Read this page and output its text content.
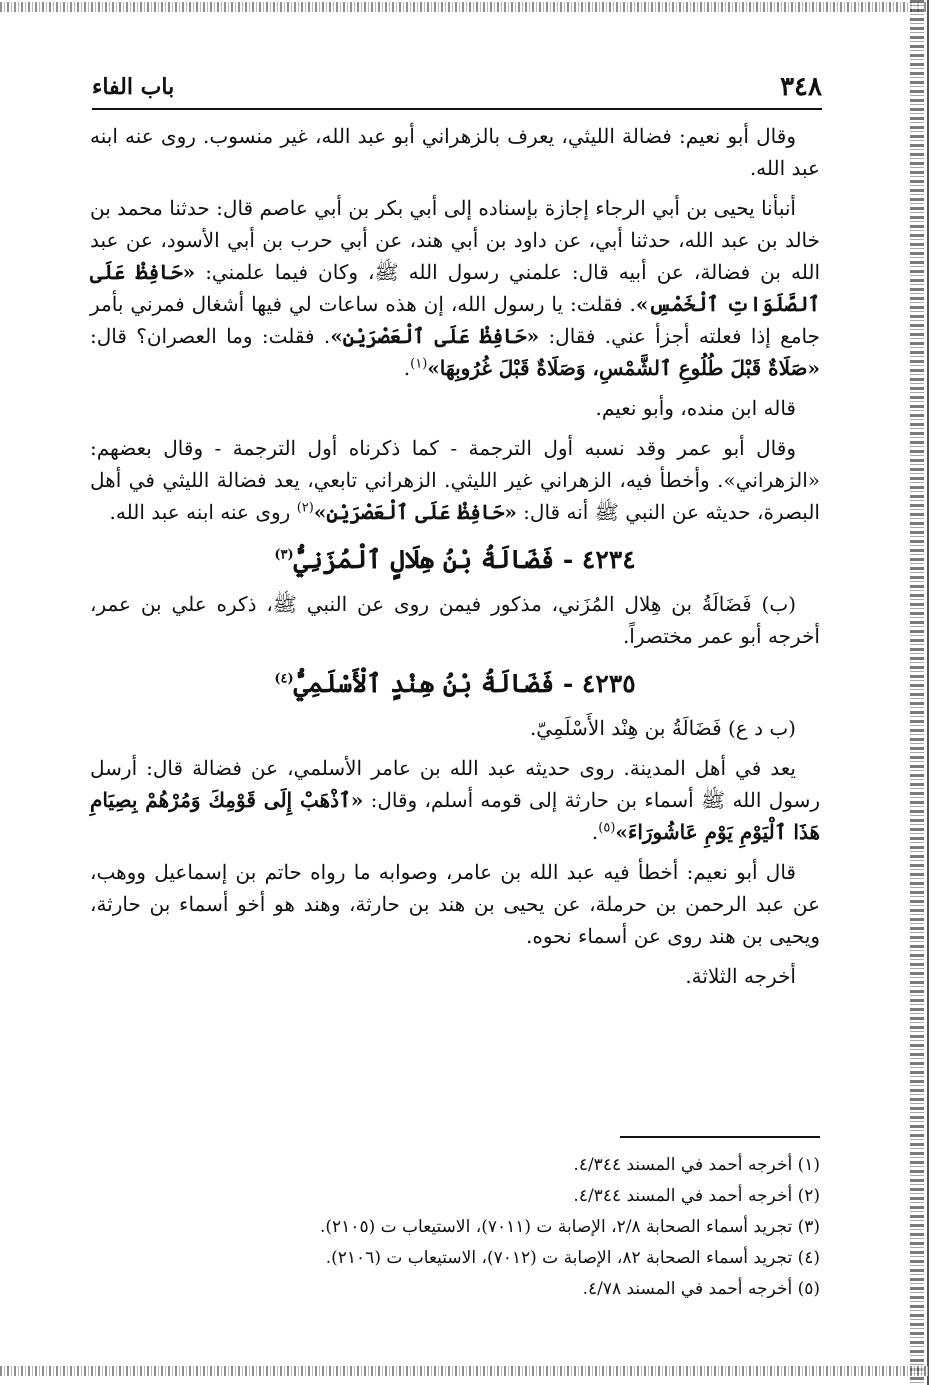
٣٤٨
باب الفاء

وقال أبو نعيم: فضالة الليثي، يعرف بالزهراني أبو عبد الله، غير منسوب. روى عنه ابنه عبد الله.

أنبأنا يحيى بن أبي الرجاء إجازة بإسناده إلى أبي بكر بن أبي عاصم قال: حدثنا محمد بن خالد بن عبد الله، حدثنا أبي، عن داود بن أبي هند، عن أبي حرب بن أبي الأسود، عن عبد الله بن فضالة، عن أبيه قال: علمني رسول الله ﷺ، وكان فيما علمني: «حَافِظْ عَلَى ٱلصَّلَوَاتِ ٱلْخَمْسِ». فقلت: يا رسول الله، إن هذه ساعات لي فيها أشغال فمرني بأمر جامع إذا فعلته أجزأ عني. فقال: «حَافِظْ عَلَى ٱلْعَصْرَيْنِ». فقلت: وما العصران؟ قال: «صَلَاةٌ قَبْلَ طُلُوعِ ٱلشَّمْسِ، وَصَلَاةٌ قَبْلَ غُرُوبِهَا»$^{(١)}$.

قاله ابن منده، وأبو نعيم.

وقال أبو عمر وقد نسبه أول الترجمة - كما ذكرناه أول الترجمة - وقال بعضهم: «الزهراني». وأخطأ فيه، الزهراني غير الليثي. الزهراني تابعي، يعد فضالة الليثي في أهل البصرة، حديثه عن النبي ﷺ أنه قال: «حَافِظْ عَلَى ٱلْعَصْرَيْنِ»$^{(٢)}$ روى عنه ابنه عبد الله.

٤٢٣٤ - فَضَالَةُ بْنُ هِلَالٍ ٱلْمُزَنِيُّ$^{(٣)}$

(ب) فَضَالَةُ بن هِلال المُزَني، مذكور فيمن روى عن النبي ﷺ، ذكره علي بن عمر، أخرجه أبو عمر مختصراً.

٤٢٣٥ - فَضَالَةُ بْنُ هِنْدٍ ٱلْأَسْلَمِيُّ$^{(٤)}$

(ب د ع) فَضَالَةُ بن هِنْد الأَسْلَمِيّ.

يعد في أهل المدينة. روى حديثه عبد الله بن عامر الأسلمي، عن فضالة قال: أرسل رسول الله ﷺ أسماء بن حارثة إلى قومه أسلم، وقال: «ٱذْهَبْ إِلَى قَوْمِكَ وَمُرْهُمْ بِصِيَامِ هَذَا ٱلْيَوْمِ يَوْمِ عَاشُورَاءَ»$^{(٥)}$.

قال أبو نعيم: أخطأ فيه عبد الله بن عامر، وصوابه ما رواه حاتم بن إسماعيل ووهب، عن عبد الرحمن بن حرملة، عن يحيى بن هند بن حارثة، وهند هو أخو أسماء بن حارثة، ويحيى بن هند روى عن أسماء نحوه.

أخرجه الثلاثة.

(١) أخرجه أحمد في المسند ٤/٣٤٤.

(٢) أخرجه أحمد في المسند ٤/٣٤٤.

(٣) تجريد أسماء الصحابة ٢/٨، الإصابة ت (٧٠١١)، الاستيعاب ت (٢١٠٥).

(٤) تجريد أسماء الصحابة ٨٢، الإصابة ت (٧٠١٢)، الاستيعاب ت (٢١٠٦).

(٥) أخرجه أحمد في المسند ٤/٧٨.
